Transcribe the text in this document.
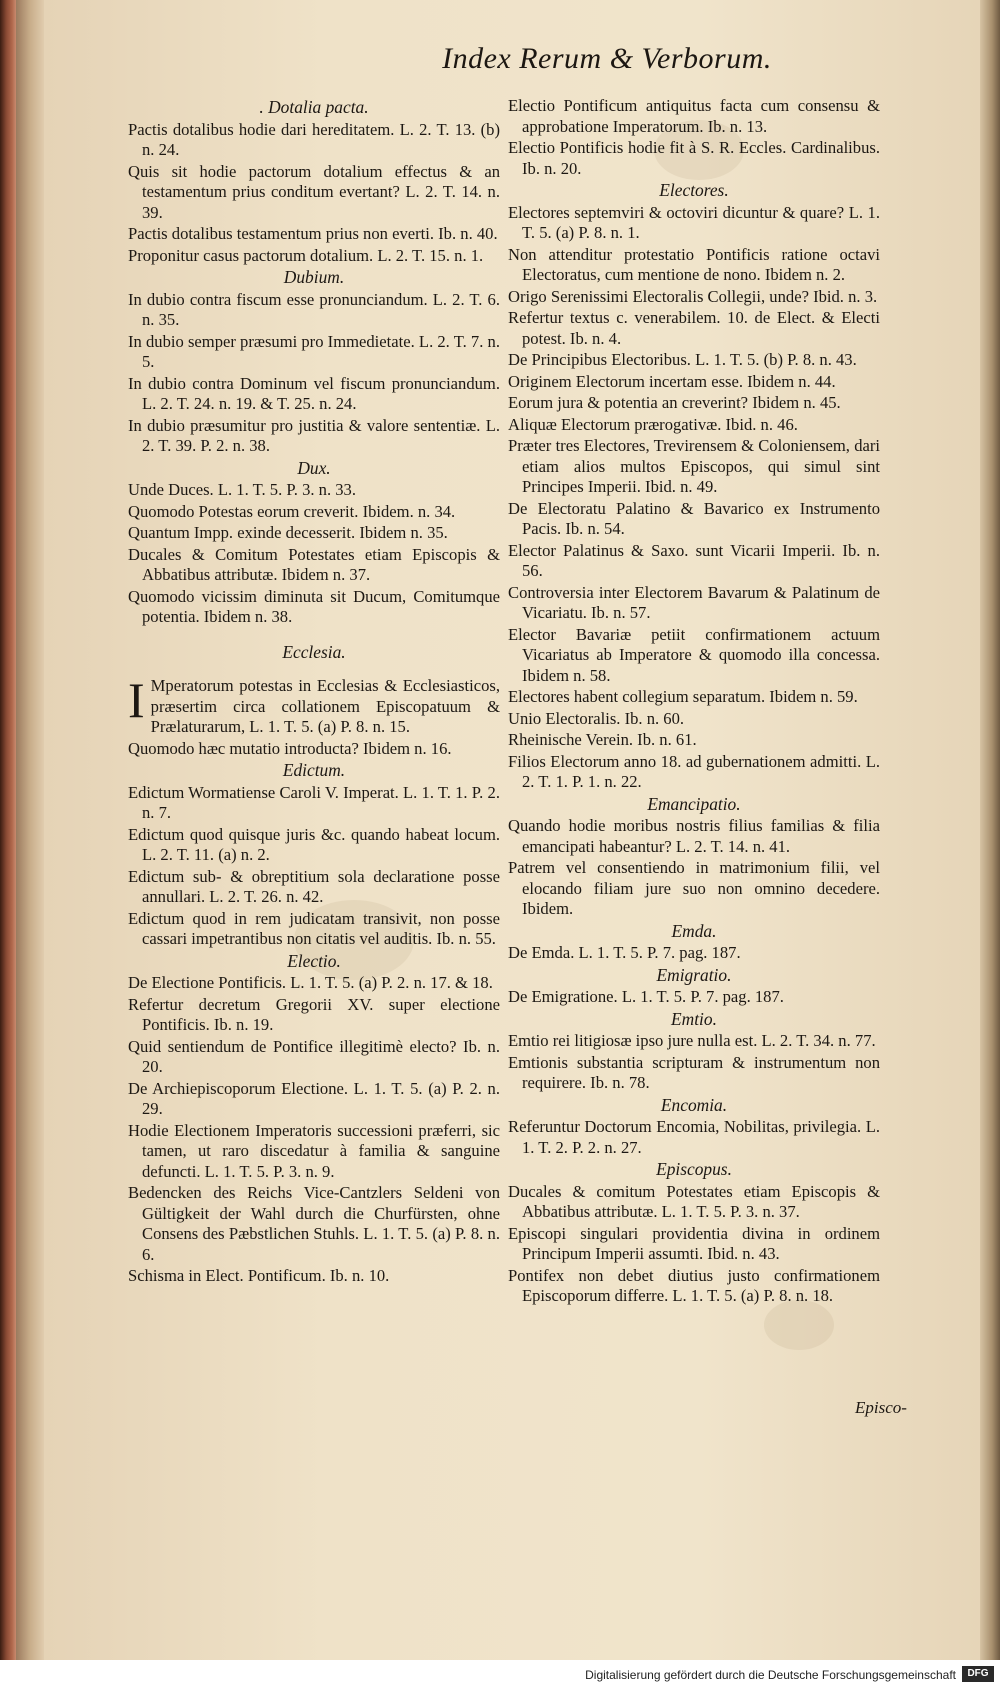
Index Rerum & Verborum.
. Dotalia pacta.
Pactis dotalibus hodie dari hereditatem. L. 2. T. 13. (b) n. 24.
Quis sit hodie pactorum dotalium effectus & an testamentum prius conditum evertant? L. 2. T. 14. n. 39.
Pactis dotalibus testamentum prius non everti. Ib. n. 40.
Proponitur casus pactorum dotalium. L. 2. T. 15. n. 1.
Dubium.
In dubio contra fiscum esse pronunciandum. L. 2. T. 6. n. 35.
In dubio semper præsumi pro Immedietate. L. 2. T. 7. n. 5.
In dubio contra Dominum vel fiscum pronunciandum. L. 2. T. 24. n. 19. & T. 25. n. 24.
In dubio præsumitur pro justitia & valore sententiæ. L. 2. T. 39. P. 2. n. 38.
Dux.
Unde Duces. L. 1. T. 5. P. 3. n. 33.
Quomodo Potestas eorum creverit. Ibidem. n. 34.
Quantum Impp. exinde decesserit. Ibidem n. 35.
Ducales & Comitum Potestates etiam Episcopis & Abbatibus attributæ. Ibidem n. 37.
Quomodo vicissim diminuta sit Ducum, Comitumque potentia. Ibidem n. 38.
Ecclesia.
I Mperatorum potestas in Ecclesias & Ecclesiasticos, præsertim circa collationem Episcopatuum & Prælaturarum, L. 1. T. 5. (a) P. 8. n. 15.
Quomodo hæc mutatio introducta? Ibidem n. 16.
Edictum.
Edictum Wormatiense Caroli V. Imperat. L. 1. T. 1. P. 2. n. 7.
Edictum quod quisque juris &c. quando habeat locum. L. 2. T. 11. (a) n. 2.
Edictum sub- & obreptitium sola declaratione posse annullari. L. 2. T. 26. n. 42.
Edictum quod in rem judicatam transivit, non posse cassari impetrantibus non citatis vel auditis. Ib. n. 55.
Electio.
De Electione Pontificis. L. 1. T. 5. (a) P. 2. n. 17. & 18.
Refertur decretum Gregorii XV. super electione Pontificis. Ib. n. 19.
Quid sentiendum de Pontifice illegitimè electo? Ib. n. 20.
De Archiepiscoporum Electione. L. 1. T. 5. (a) P. 2. n. 29.
Hodie Electionem Imperatoris successioni præferri, sic tamen, ut raro discedatur à familia & sanguine defuncti. L. 1. T. 5. P. 3. n. 9.
Bedencken des Reichs Vice-Cantzlers Seldeni von Gültigkeit der Wahl durch die Churfürsten, ohne Consens des Pæbstlichen Stuhls. L. 1. T. 5. (a) P. 8. n. 6.
Schisma in Elect. Pontificum. Ib. n. 10.
Electio Pontificum antiquitus facta cum consensu & approbatione Imperatorum. Ib. n. 13.
Electio Pontificis hodie fit à S. R. Eccles. Cardinalibus. Ib. n. 20.
Electores.
Electores septemviri & octoviri dicuntur & quare? L. 1. T. 5. (a) P. 8. n. 1.
Non attenditur protestatio Pontificis ratione octavi Electoratus, cum mentione de nono. Ibidem n. 2.
Origo Serenissimi Electoralis Collegii, unde? Ibid. n. 3.
Refertur textus c. venerabilem. 10. de Elect. & Electi potest. Ib. n. 4.
De Principibus Electoribus. L. 1. T. 5. (b) P. 8. n. 43.
Originem Electorum incertam esse. Ibidem n. 44.
Eorum jura & potentia an creverint? Ibidem n. 45.
Aliquæ Electorum prærogativæ. Ibid. n. 46.
Præter tres Electores, Trevirensem & Coloniensem, dari etiam alios multos Episcopos, qui simul sint Principes Imperii. Ibid. n. 49.
De Electoratu Palatino & Bavarico ex Instrumento Pacis. Ib. n. 54.
Elector Palatinus & Saxo. sunt Vicarii Imperii. Ib. n. 56.
Controversia inter Electorem Bavarum & Palatinum de Vicariatu. Ib. n. 57.
Elector Bavariæ petiit confirmationem actuum Vicariatus ab Imperatore & quomodo illa concessa. Ibidem n. 58.
Electores habent collegium separatum. Ibidem n. 59.
Unio Electoralis. Ib. n. 60.
Rheinische Verein. Ib. n. 61.
Filios Electorum anno 18. ad gubernationem admitti. L. 2. T. 1. P. 1. n. 22.
Emancipatio.
Quando hodie moribus nostris filius familias & filia emancipati habeantur? L. 2. T. 14. n. 41.
Patrem vel consentiendo in matrimonium filii, vel elocando filiam jure suo non omnino decedere. Ibidem.
Emda.
De Emda. L. 1. T. 5. P. 7. pag. 187.
Emigratio.
De Emigratione. L. 1. T. 5. P. 7. pag. 187.
Emtio.
Emtio rei litigiosæ ipso jure nulla est. L. 2. T. 34. n. 77.
Emtionis substantia scripturam & instrumentum non requirere. Ib. n. 78.
Encomia.
Referuntur Doctorum Encomia, Nobilitas, privilegia. L. 1. T. 2. P. 2. n. 27.
Episcopus.
Ducales & comitum Potestates etiam Episcopis & Abbatibus attributæ. L. 1. T. 5. P. 3. n. 37.
Episcopi singulari providentia divina in ordinem Principum Imperii assumti. Ibid. n. 43.
Pontifex non debet diutius justo confirmationem Episcoporum differre. L. 1. T. 5. (a) P. 8. n. 18.
Episco-
Digitalisierung gefördert durch die Deutsche Forschungsgemeinschaft	DFG
